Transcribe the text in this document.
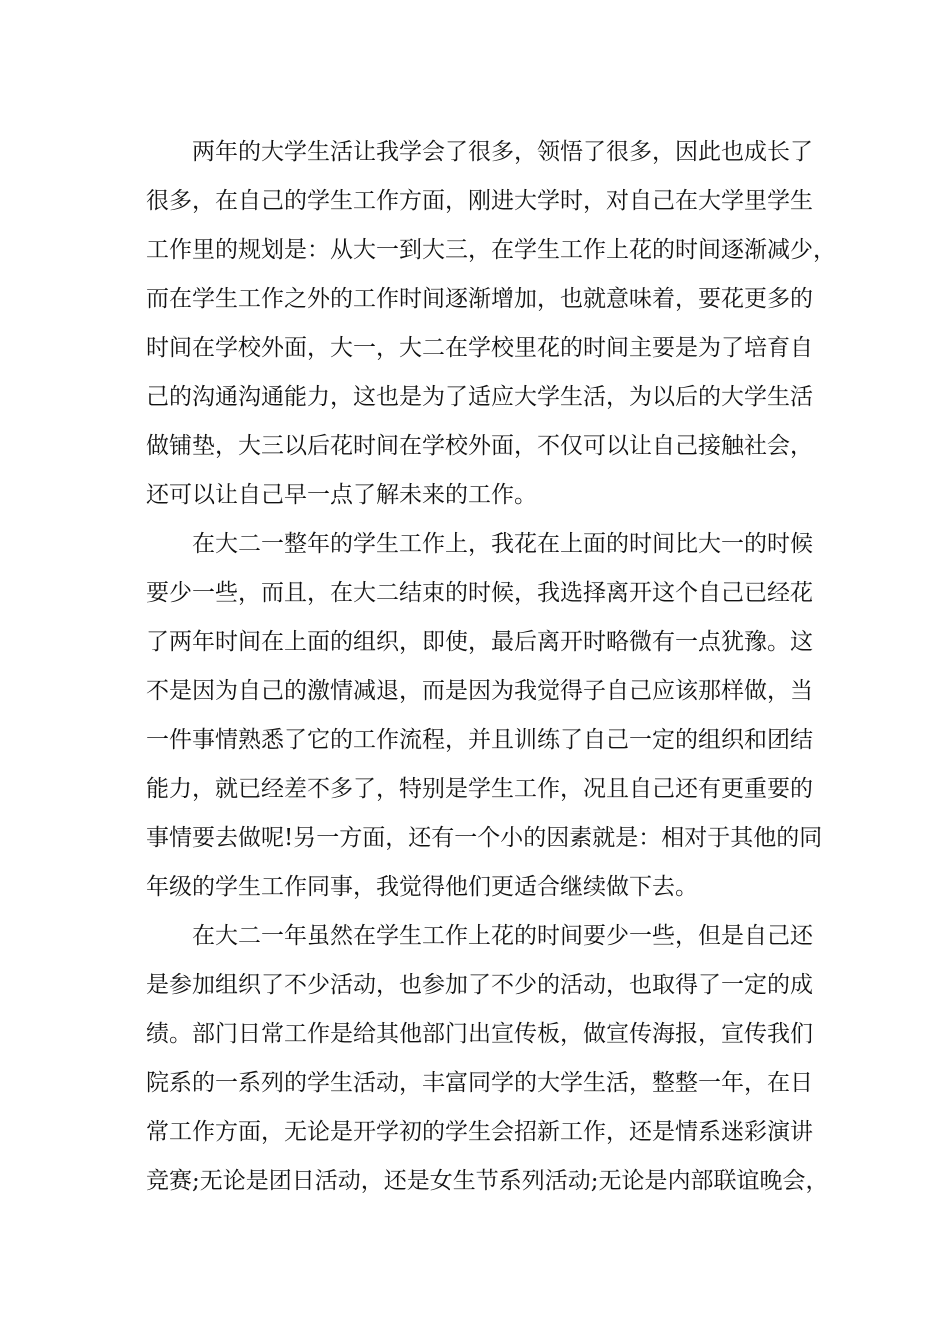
两年的大学生活让我学会了很多，领悟了很多，因此也成长了
很多，在自己的学生工作方面，刚进大学时，对自己在大学里学生
工作里的规划是：从大一到大三，在学生工作上花的时间逐渐减少，
而在学生工作之外的工作时间逐渐增加，也就意味着，要花更多的
时间在学校外面，大一，大二在学校里花的时间主要是为了培育自
己的沟通沟通能力，这也是为了适应大学生活，为以后的大学生活
做铺垫，大三以后花时间在学校外面，不仅可以让自己接触社会，
还可以让自己早一点了解未来的工作。
在大二一整年的学生工作上，我花在上面的时间比大一的时候
要少一些，而且，在大二结束的时候，我选择离开这个自己已经花
了两年时间在上面的组织，即使，最后离开时略微有一点犹豫。这
不是因为自己的激情减退，而是因为我觉得子自己应该那样做，当
一件事情熟悉了它的工作流程，并且训练了自己一定的组织和团结
能力，就已经差不多了，特别是学生工作，况且自己还有更重要的
事情要去做呢!另一方面，还有一个小的因素就是：相对于其他的同
年级的学生工作同事，我觉得他们更适合继续做下去。
在大二一年虽然在学生工作上花的时间要少一些，但是自己还
是参加组织了不少活动，也参加了不少的活动，也取得了一定的成
绩。部门日常工作是给其他部门出宣传板，做宣传海报，宣传我们
院系的一系列的学生活动，丰富同学的大学生活，整整一年，在日
常工作方面，无论是开学初的学生会招新工作，还是情系迷彩演讲
竞赛;无论是团日活动，还是女生节系列活动;无论是内部联谊晚会，
